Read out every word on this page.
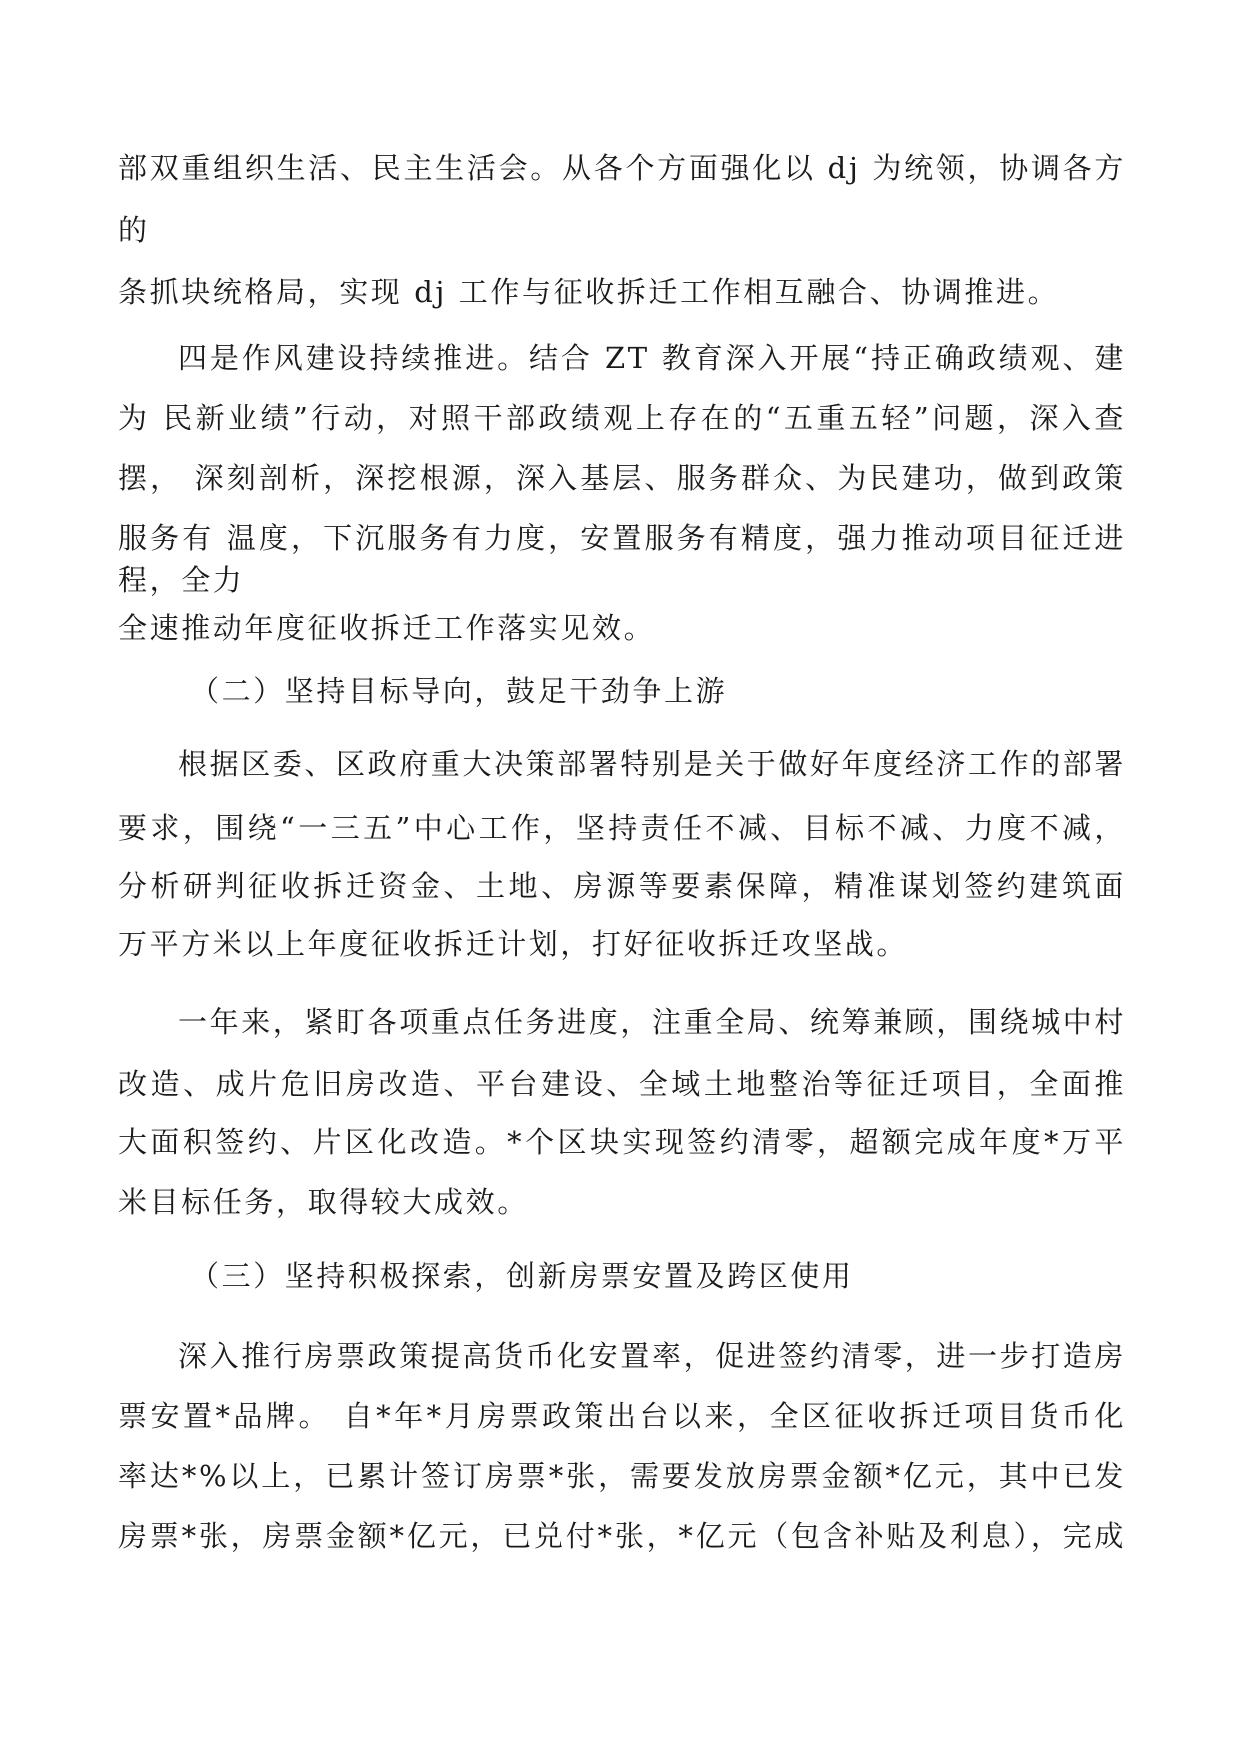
部双重组织生活、民主生活会。从各个方面强化以 dj 为统领，协调各方
的
条抓块统格局，实现 dj 工作与征收拆迁工作相互融合、协调推进。
四是作风建设持续推进。结合 ZT 教育深入开展“持正确政绩观、建
为 民新业绩”行动，对照干部政绩观上存在的“五重五轻”问题，深入查
摆， 深刻剖析，深挖根源，深入基层、服务群众、为民建功，做到政策
服务有 温度，下沉服务有力度，安置服务有精度，强力推动项目征迁进
程，全力
全速推动年度征收拆迁工作落实见效。
（二）坚持目标导向，鼓足干劲争上游
根据区委、区政府重大决策部署特别是关于做好年度经济工作的部署
要求，围绕“一三五”中心工作，坚持责任不减、目标不减、力度不减，
分析研判征收拆迁资金、土地、房源等要素保障，精准谋划签约建筑面
万平方米以上年度征收拆迁计划，打好征收拆迁攻坚战。
一年来，紧盯各项重点任务进度，注重全局、统筹兼顾，围绕城中村
改造、成片危旧房改造、平台建设、全域土地整治等征迁项目，全面推
大面积签约、片区化改造。*个区块实现签约清零，超额完成年度*万平
米目标任务，取得较大成效。
（三）坚持积极探索，创新房票安置及跨区使用
深入推行房票政策提高货币化安置率，促进签约清零，进一步打造房
票安置*品牌。 自*年*月房票政策出台以来，全区征收拆迁项目货币化
率达*%以上，已累计签订房票*张，需要发放房票金额*亿元，其中已发
房票*张，房票金额*亿元，已兑付*张，*亿元（包含补贴及利息），完成
